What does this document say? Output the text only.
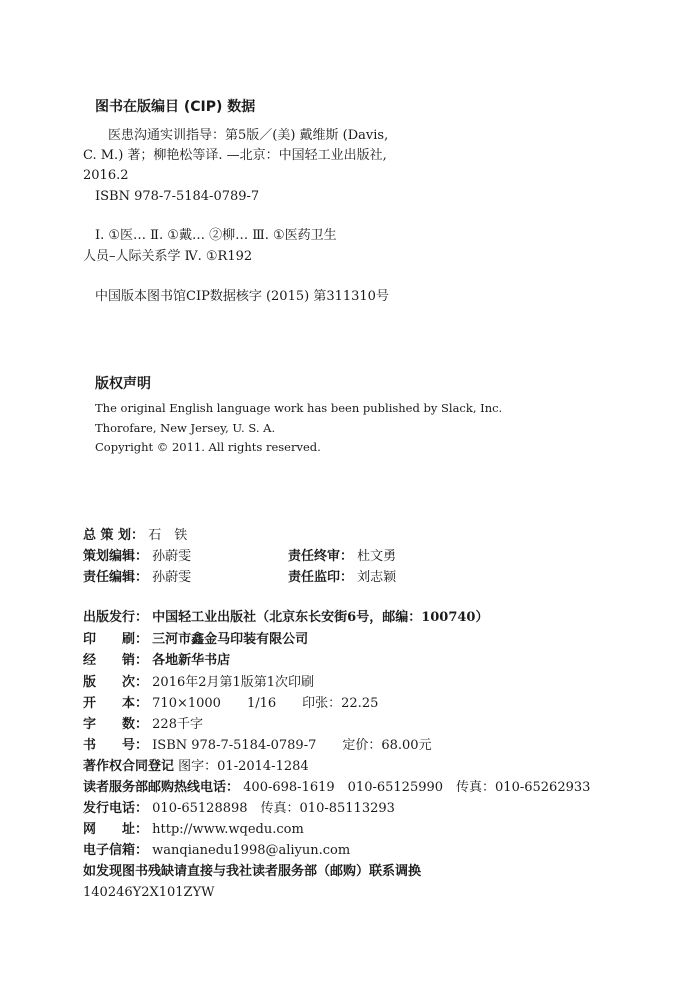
图书在版编目 (CIP) 数据
医患沟通实训指导：第5版／(美) 戴维斯 (Davis,
C. M.) 著；柳艳松等译. —北京：中国轻工业出版社,
2016.2
ISBN 978-7-5184-0789-7
Ⅰ. ①医… Ⅱ. ①戴… ②柳… Ⅲ. ①医药卫生
人员–人际关系学 Ⅳ. ①R192
中国版本图书馆CIP数据核字 (2015) 第311310号
版权声明
The original English language work has been published by Slack, Inc.
Thorofare, New Jersey, U. S. A.
Copyright © 2011. All rights reserved.
总 策 划： 石　铁
策划编辑： 孙蔚雯	责任终审： 杜文勇
责任编辑： 孙蔚雯	责任监印： 刘志颖
出版发行： 中国轻工业出版社（北京东长安街6号，邮编：100740）
印　　刷： 三河市鑫金马印装有限公司
经　　销： 各地新华书店
版　　次： 2016年2月第1版第1次印刷
开　　本： 710×1000　　1/16　　印张：22.25
字　　数： 228千字
书　　号： ISBN 978-7-5184-0789-7　　定价：68.00元
著作权合同登记 图字：01-2014-1284
读者服务部邮购热线电话： 400-698-1619　010-65125990　传真：010-65262933
发行电话： 010-65128898　传真：010-85113293
网　　址： http://www.wqedu.com
电子信箱： wanqianedu1998@aliyun.com
如发现图书残缺请直接与我社读者服务部（邮购）联系调换
140246Y2X101ZYW
